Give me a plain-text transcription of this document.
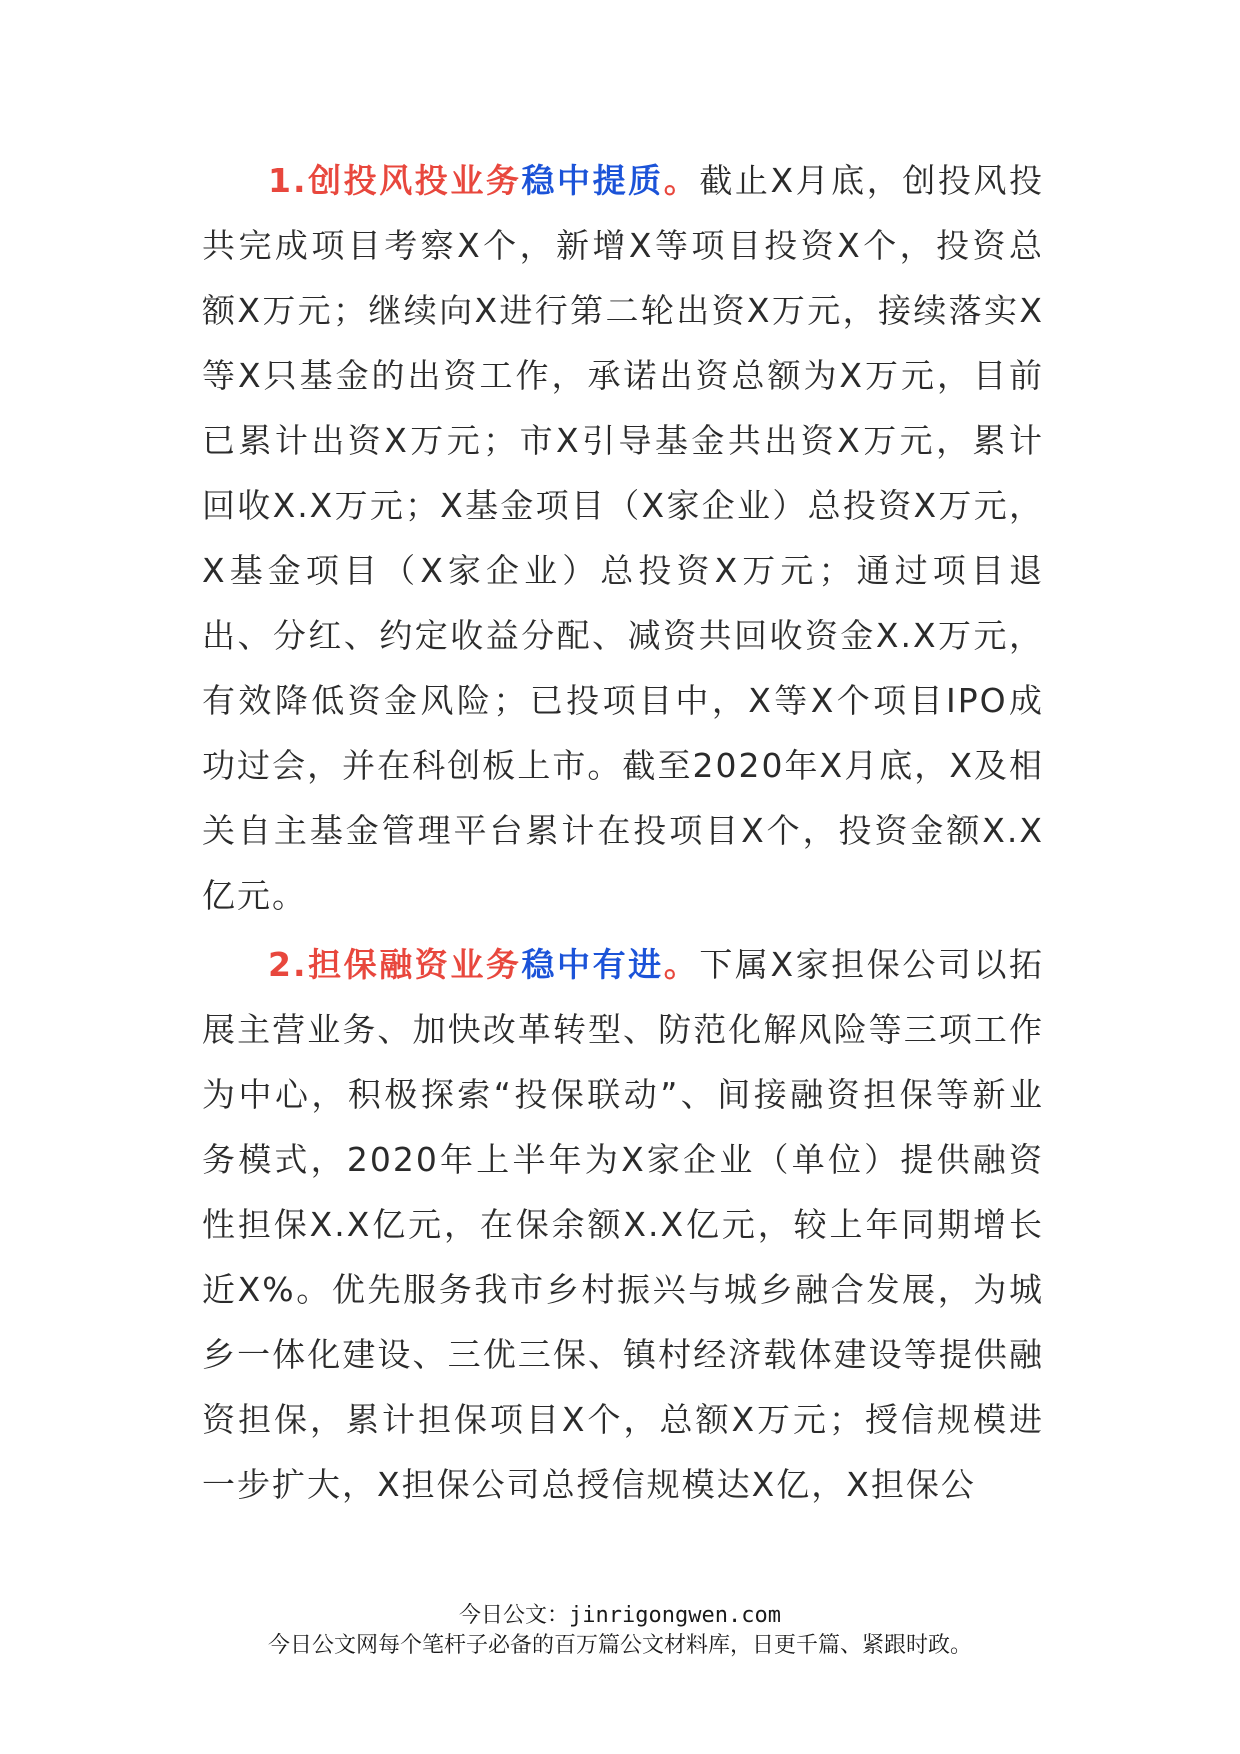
1.创投风投业务稳中提质。截止X月底，创投风投共完成项目考察X个，新增X等项目投资X个，投资总额X万元；继续向X进行第二轮出资X万元，接续落实X等X只基金的出资工作，承诺出资总额为X万元，目前已累计出资X万元；市X引导基金共出资X万元，累计回收X.X万元；X基金项目（X家企业）总投资X万元，X基金项目（X家企业）总投资X万元；通过项目退出、分红、约定收益分配、减资共回收资金X.X万元，有效降低资金风险；已投项目中，X等X个项目IPO成功过会，并在科创板上市。截至2020年X月底，X及相关自主基金管理平台累计在投项目X个，投资金额X.X亿元。

2.担保融资业务稳中有进。下属X家担保公司以拓展主营业务、加快改革转型、防范化解风险等三项工作为中心，积极探索“投保联动”、间接融资担保等新业务模式，2020年上半年为X家企业（单位）提供融资性担保X.X亿元，在保余额X.X亿元，较上年同期增长近X%。优先服务我市乡村振兴与城乡融合发展，为城乡一体化建设、三优三保、镇村经济载体建设等提供融资担保，累计担保项目X个，总额X万元；授信规模进一步扩大，X担保公司总授信规模达X亿，X担保公

今日公文：jinrigongwen.com
今日公文网每个笔杆子必备的百万篇公文材料库，日更千篇、紧跟时政。
